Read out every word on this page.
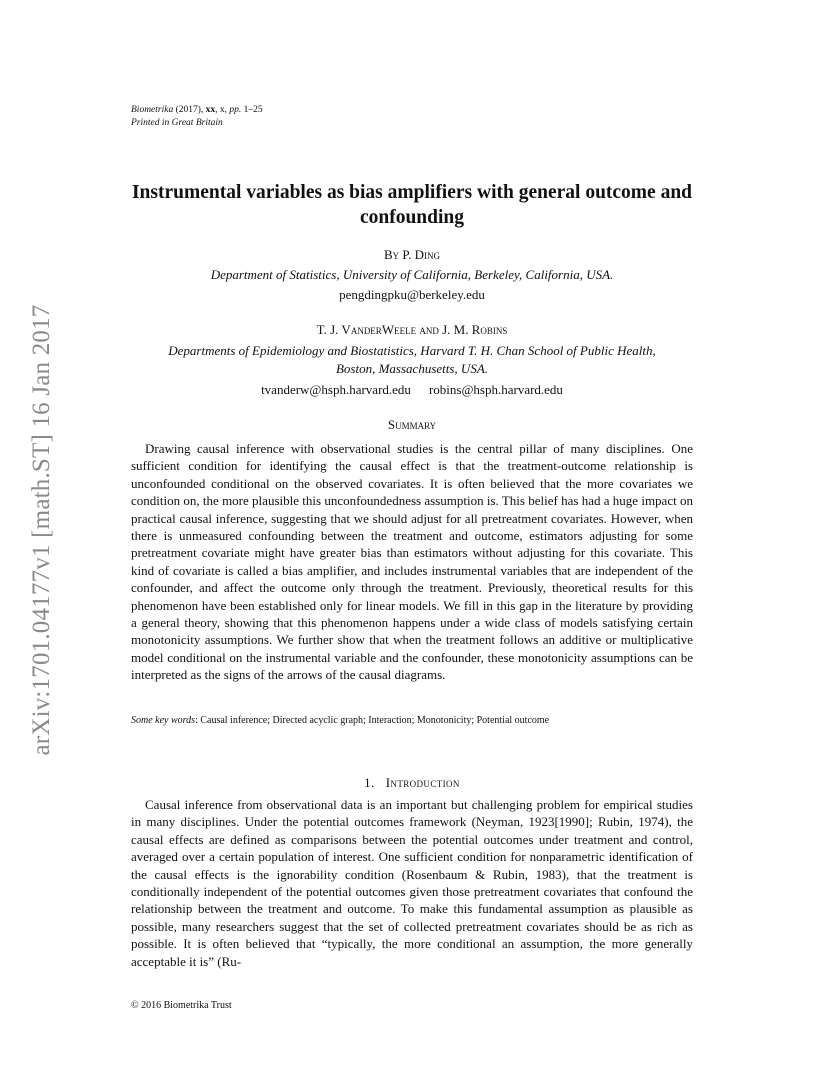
arXiv:1701.04177v1 [math.ST] 16 Jan 2017
Biometrika (2017), xx, x, pp. 1–25
Printed in Great Britain
Instrumental variables as bias amplifiers with general outcome and confounding
By P. Ding
Department of Statistics, University of California, Berkeley, California, USA.
pengdingpku@berkeley.edu
T. J. VanderWeele and J. M. Robins
Departments of Epidemiology and Biostatistics, Harvard T. H. Chan School of Public Health,
Boston, Massachusetts, USA.
tvanderw@hsph.harvard.edu robins@hsph.harvard.edu
Summary

Drawing causal inference with observational studies is the central pillar of many disciplines. One sufficient condition for identifying the causal effect is that the treatment-outcome relationship is unconfounded conditional on the observed covariates. It is often believed that the more covariates we condition on, the more plausible this unconfoundedness assumption is. This belief has had a huge impact on practical causal inference, suggesting that we should adjust for all pretreatment covariates. However, when there is unmeasured confounding between the treatment and outcome, estimators adjusting for some pretreatment covariate might have greater bias than estimators without adjusting for this covariate. This kind of covariate is called a bias amplifier, and includes instrumental variables that are independent of the confounder, and affect the outcome only through the treatment. Previously, theoretical results for this phenomenon have been established only for linear models. We fill in this gap in the literature by providing a general theory, showing that this phenomenon happens under a wide class of models satisfying certain monotonicity assumptions. We further show that when the treatment follows an additive or multiplicative model conditional on the instrumental variable and the confounder, these monotonicity assumptions can be interpreted as the signs of the arrows of the causal diagrams.

Some key words: Causal inference; Directed acyclic graph; Interaction; Monotonicity; Potential outcome
1. Introduction

Causal inference from observational data is an important but challenging problem for empirical studies in many disciplines. Under the potential outcomes framework (Neyman, 1923[1990]; Rubin, 1974), the causal effects are defined as comparisons between the potential outcomes under treatment and control, averaged over a certain population of interest. One sufficient condition for nonparametric identification of the causal effects is the ignorability condition (Rosenbaum & Rubin, 1983), that the treatment is conditionally independent of the potential outcomes given those pretreatment covariates that confound the relationship between the treatment and outcome. To make this fundamental assumption as plausible as possible, many researchers suggest that the set of collected pretreatment covariates should be as rich as possible. It is often believed that “typically, the more conditional an assumption, the more generally acceptable it is” (Ru-

© 2016 Biometrika Trust
